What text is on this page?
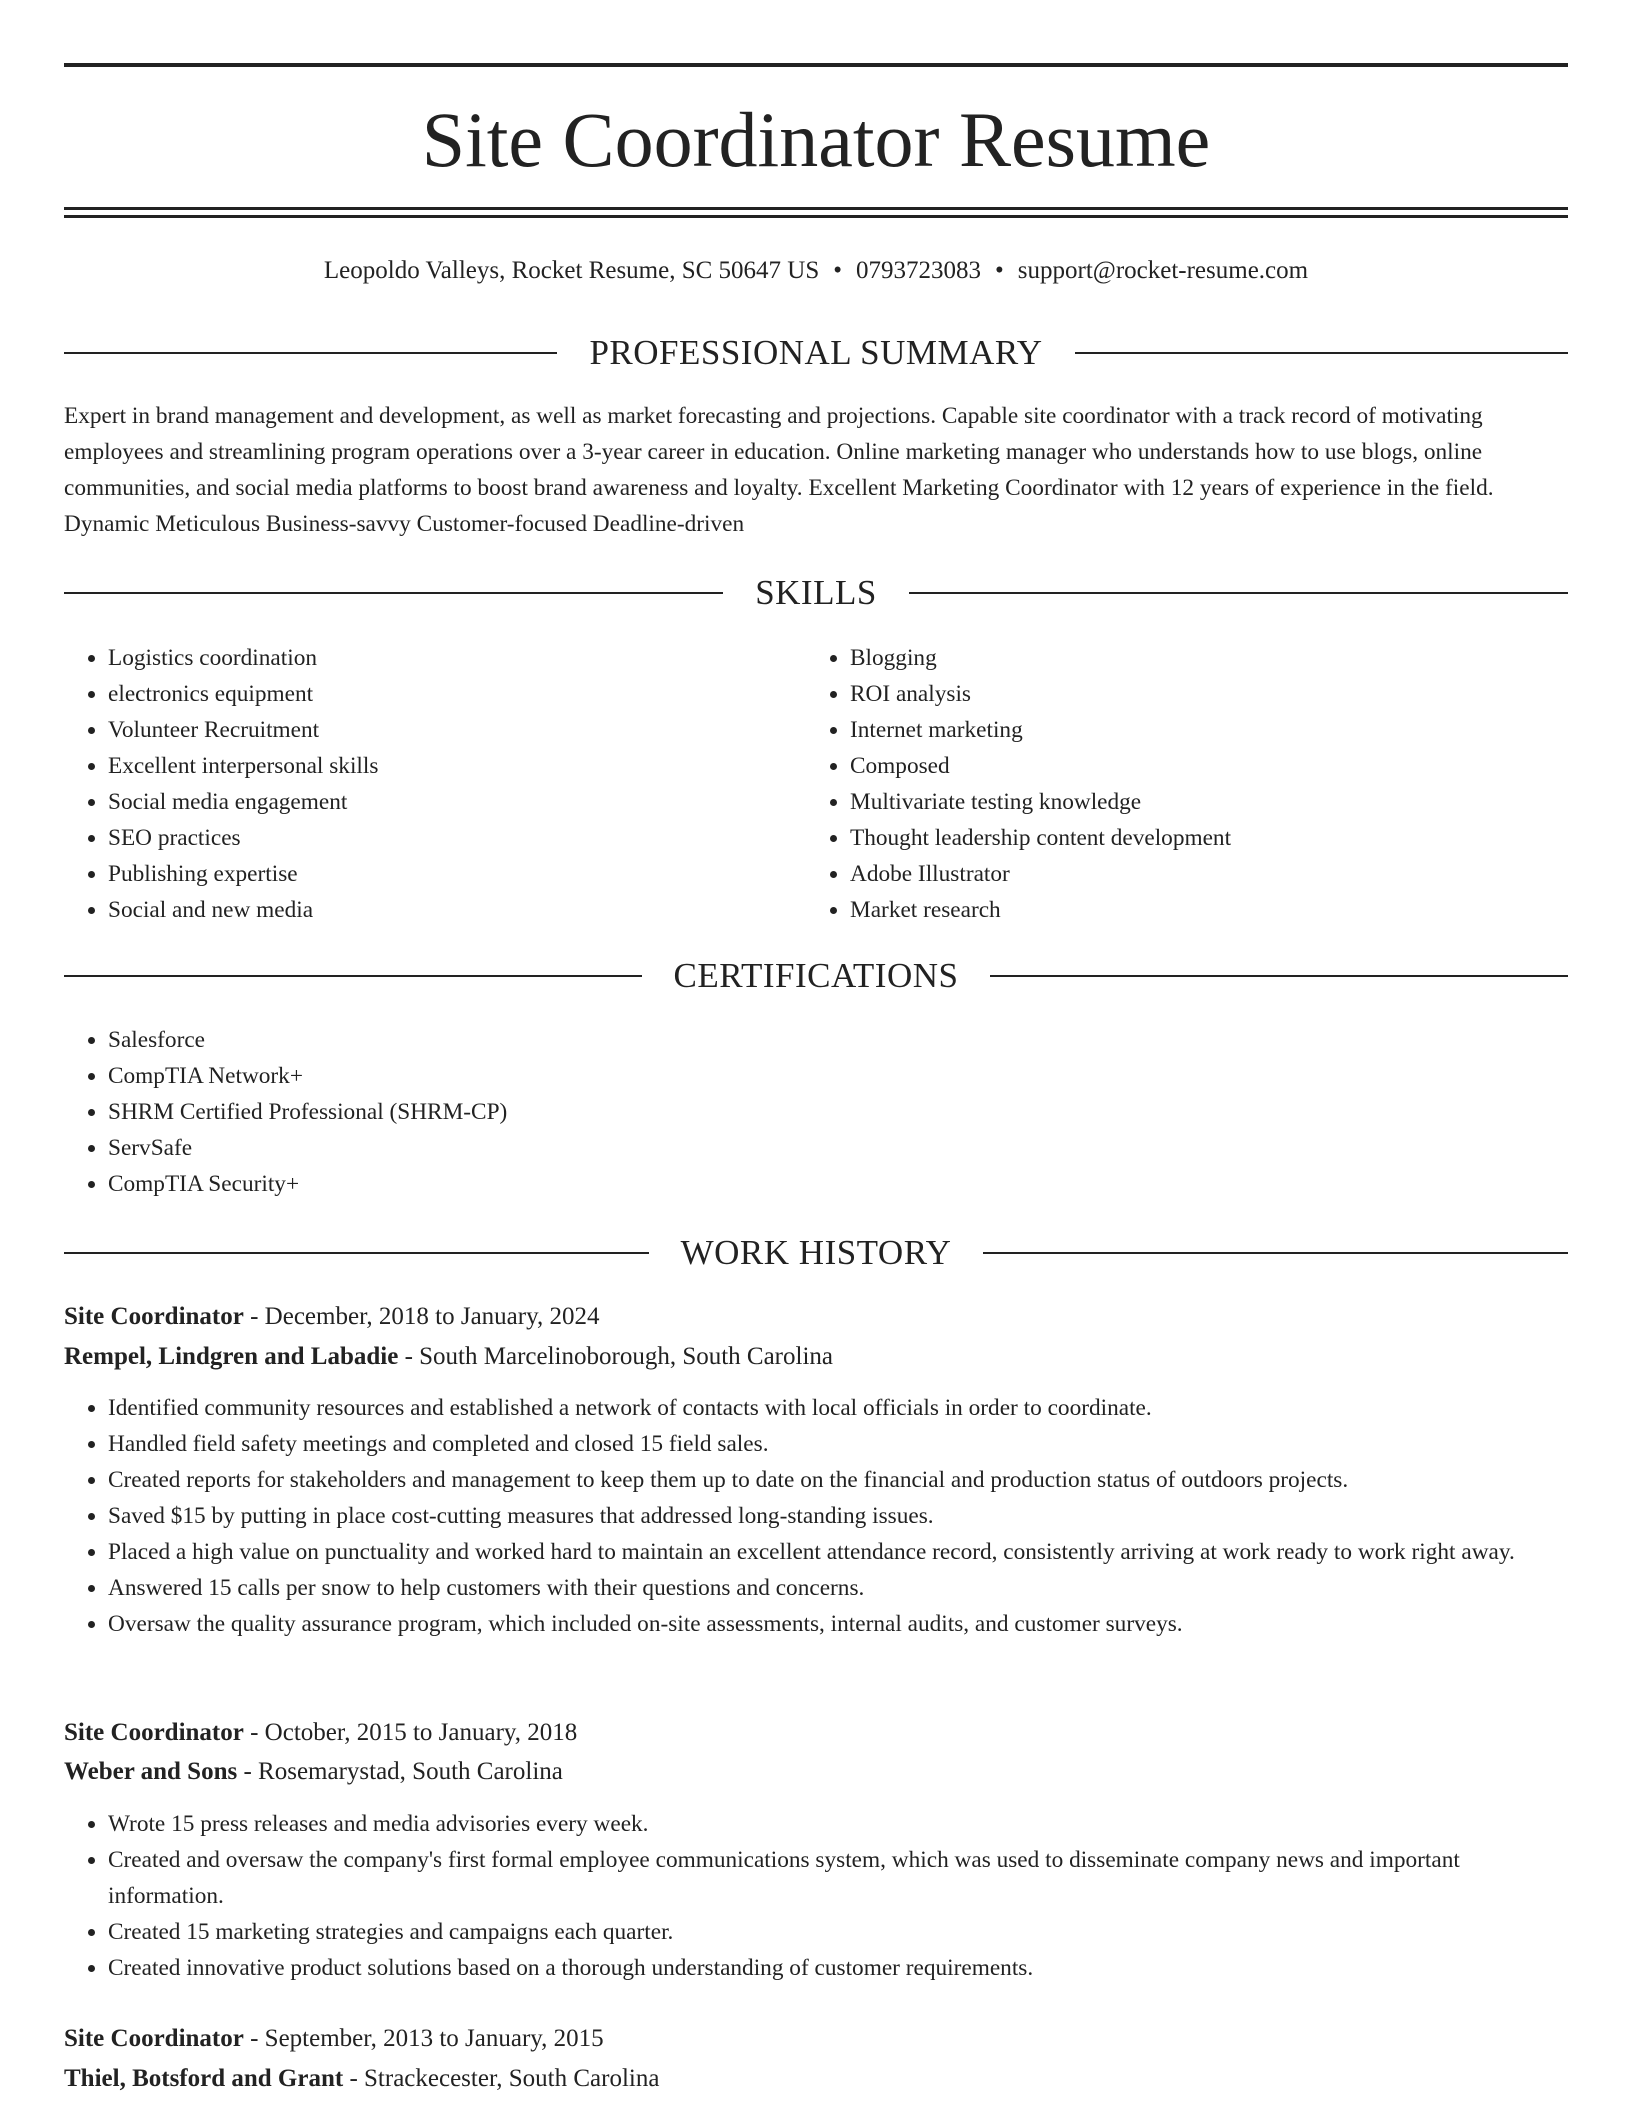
Site Coordinator Resume
Leopoldo Valleys, Rocket Resume, SC 50647 US • 0793723083 • support@rocket-resume.com
PROFESSIONAL SUMMARY

Expert in brand management and development, as well as market forecasting and projections. Capable site coordinator with a track record of motivating employees and streamlining program operations over a 3-year career in education. Online marketing manager who understands how to use blogs, online communities, and social media platforms to boost brand awareness and loyalty. Excellent Marketing Coordinator with 12 years of experience in the field. Dynamic Meticulous Business-savvy Customer-focused Deadline-driven

SKILLS
• Logistics coordination
• electronics equipment
• Volunteer Recruitment
• Excellent interpersonal skills
• Social media engagement
• SEO practices
• Publishing expertise
• Social and new media
• Blogging
• ROI analysis
• Internet marketing
• Composed
• Multivariate testing knowledge
• Thought leadership content development
• Adobe Illustrator
• Market research
CERTIFICATIONS
• Salesforce
• CompTIA Network+
• SHRM Certified Professional (SHRM-CP)
• ServSafe
• CompTIA Security+
WORK HISTORY
Site Coordinator - December, 2018 to January, 2024
Rempel, Lindgren and Labadie - South Marcelinoborough, South Carolina
• Identified community resources and established a network of contacts with local officials in order to coordinate.
• Handled field safety meetings and completed and closed 15 field sales.
• Created reports for stakeholders and management to keep them up to date on the financial and production status of outdoors projects.
• Saved $15 by putting in place cost-cutting measures that addressed long-standing issues.
• Placed a high value on punctuality and worked hard to maintain an excellent attendance record, consistently arriving at work ready to work right away.
• Answered 15 calls per snow to help customers with their questions and concerns.
• Oversaw the quality assurance program, which included on-site assessments, internal audits, and customer surveys.
Site Coordinator - October, 2015 to January, 2018
Weber and Sons - Rosemarystad, South Carolina
• Wrote 15 press releases and media advisories every week.
• Created and oversaw the company's first formal employee communications system, which was used to disseminate company news and important information.
• Created 15 marketing strategies and campaigns each quarter.
• Created innovative product solutions based on a thorough understanding of customer requirements.
Site Coordinator - September, 2013 to January, 2015
Thiel, Botsford and Grant - Strackecester, South Carolina
